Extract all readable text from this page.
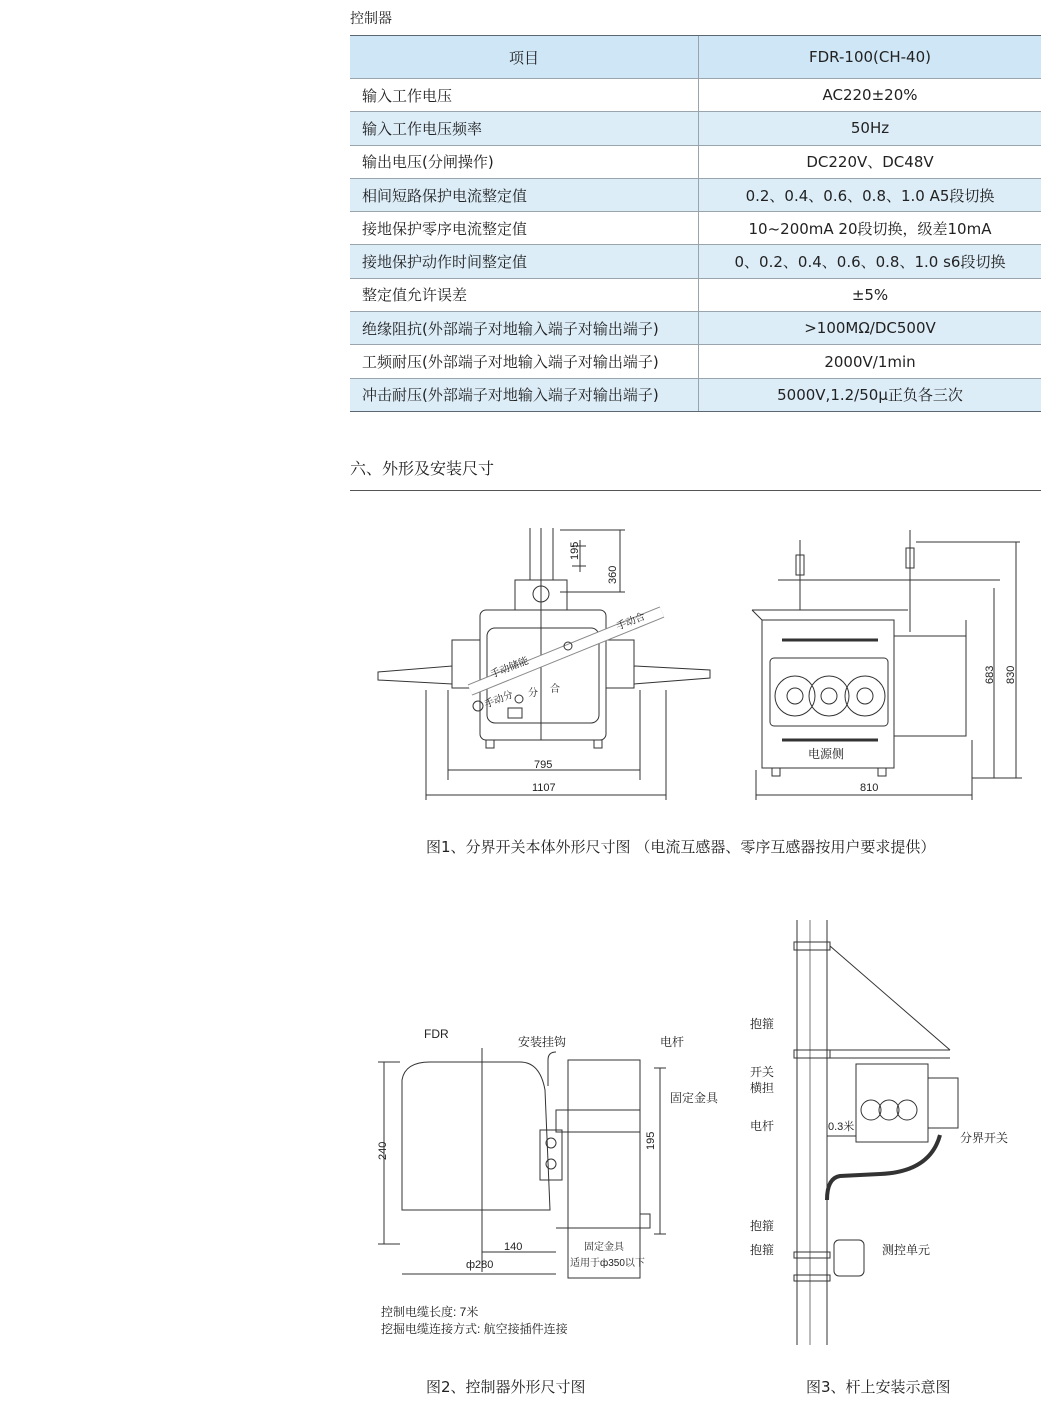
控制器
项目	FDR-100(CH-40)
输入工作电压	AC220±20%
输入工作电压频率	50Hz
输出电压(分闸操作)	DC220V、DC48V
相间短路保护电流整定值	0.2、0.4、0.6、0.8、1.0 A5段切换
接地保护零序电流整定值	10~200mA 20段切换，级差10mA
接地保护动作时间整定值	0、0.2、0.4、0.6、0.8、1.0 s6段切换
整定值允许误差	±5%
绝缘阻抗(外部端子对地输入端子对输出端子)	>100MΩ/DC500V
工频耐压(外部端子对地输入端子对输出端子)	2000V/1min
冲击耐压(外部端子对地输入端子对输出端子)	5000V,1.2/50μ正负各三次
六、外形及安装尺寸
195
360
795
1107
683 830
810
手动储能
手动合
手动分 分 合
电源侧
FDR
安装挂钩	电杆
固定金具
240
195
140
ф280
固定金具
适用于ф350以下
控制电缆长度: 7米
挖掘电缆连接方式: 航空接插件连接
抱箍
开关
横担
电杆	0.3米
分界开关
抱箍
抱箍	测控单元
图1、分界开关本体外形尺寸图 （电流互感器、零序互感器按用户要求提供）
图2、控制器外形尺寸图	图3、杆上安装示意图
